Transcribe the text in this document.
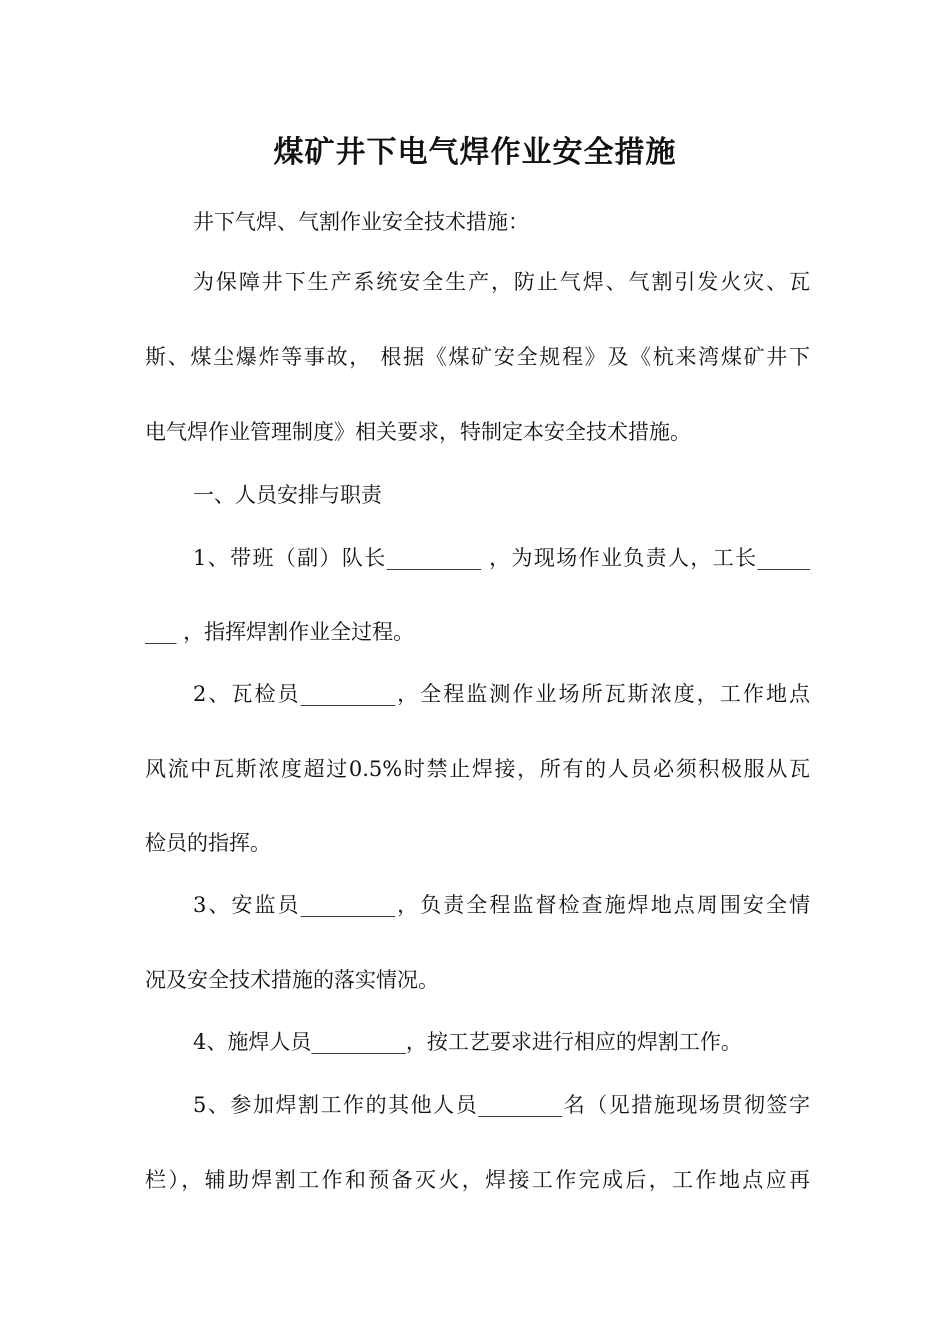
煤矿井下电气焊作业安全措施
井下气焊、气割作业安全技术措施：
为保障井下生产系统安全生产，防止气焊、气割引发火灾、瓦
斯、煤尘爆炸等事故， 根据《煤矿安全规程》及《杭来湾煤矿井下
电气焊作业管理制度》相关要求，特制定本安全技术措施。
一、人员安排与职责
1、带班（副）队长_________ ，为现场作业负责人，工长_____
___ ，指挥焊割作业全过程。
2、瓦检员_________，全程监测作业场所瓦斯浓度，工作地点
风流中瓦斯浓度超过0.5%时禁止焊接，所有的人员必须积极服从瓦
检员的指挥。
3、安监员_________，负责全程监督检查施焊地点周围安全情
况及安全技术措施的落实情况。
4、施焊人员_________，按工艺要求进行相应的焊割工作。
5、参加焊割工作的其他人员________名（见措施现场贯彻签字
栏），辅助焊割工作和预备灭火，焊接工作完成后，工作地点应再
